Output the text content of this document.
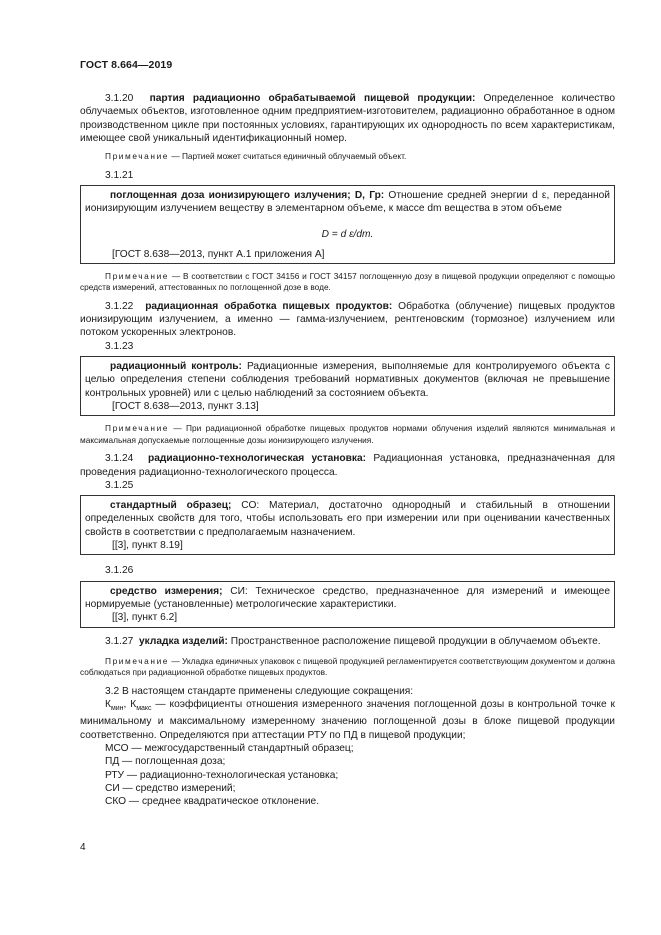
ГОСТ 8.664—2019

3.1.20 партия радиационно обрабатываемой пищевой продукции: Определенное количество облучаемых объектов, изготовленное одним предприятием-изготовителем, радиационно обработанное в одном производственном цикле при постоянных условиях, гарантирующих их однородность по всем характеристикам, имеющее свой уникальный идентификационный номер.

Примечание — Партией может считаться единичный облучаемый объект.

3.1.21

поглощенная доза ионизирующего излучения; D, Гр: Отношение средней энергии d ε, переданной ионизирующим излучением веществу в элементарном объеме, к массе dm вещества в этом объеме

D = d ε/dm.

[ГОСТ 8.638—2013, пункт А.1 приложения А]

Примечание — В соответствии с ГОСТ 34156 и ГОСТ 34157 поглощенную дозу в пищевой продукции определяют с помощью средств измерений, аттестованных по поглощенной дозе в воде.

3.1.22 радиационная обработка пищевых продуктов: Обработка (облучение) пищевых продуктов ионизирующим излучением, а именно — гамма-излучением, рентгеновским (тормозное) излучением или потоком ускоренных электронов.

3.1.23

радиационный контроль: Радиационные измерения, выполняемые для контролируемого объекта с целью определения степени соблюдения требований нормативных документов (включая не превышение контрольных уровней) или с целью наблюдений за состоянием объекта.

[ГОСТ 8.638—2013, пункт 3.13]

Примечание — При радиационной обработке пищевых продуктов нормами облучения изделий являются минимальная и максимальная допускаемые поглощенные дозы ионизирующего излучения.

3.1.24 радиационно-технологическая установка: Радиационная установка, предназначенная для проведения радиационно-технологического процесса.

3.1.25

стандартный образец; СО: Материал, достаточно однородный и стабильный в отношении определенных свойств для того, чтобы использовать его при измерении или при оценивании качественных свойств в соответствии с предполагаемым назначением.

[[3], пункт 8.19]

3.1.26

средство измерения; СИ: Техническое средство, предназначенное для измерений и имеющее нормируемые (установленные) метрологические характеристики.

[[3], пункт 6.2]

3.1.27 укладка изделий: Пространственное расположение пищевой продукции в облучаемом объекте.

Примечание — Укладка единичных упаковок с пищевой продукцией регламентируется соответствующим документом и должна соблюдаться при радиационной обработке пищевых продуктов.

3.2 В настоящем стандарте применены следующие сокращения:

$К_{мин}$, $К_{макс}$ — коэффициенты отношения измеренного значения поглощенной дозы в контрольной точке к минимальному и максимальному измеренному значению поглощенной дозы в блоке пищевой продукции соответственно. Определяются при аттестации РТУ по ПД в пищевой продукции;

МСО — межгосударственный стандартный образец;

ПД — поглощенная доза;

РТУ — радиационно-технологическая установка;

СИ — средство измерений;

СКО — среднее квадратическое отклонение.

4
